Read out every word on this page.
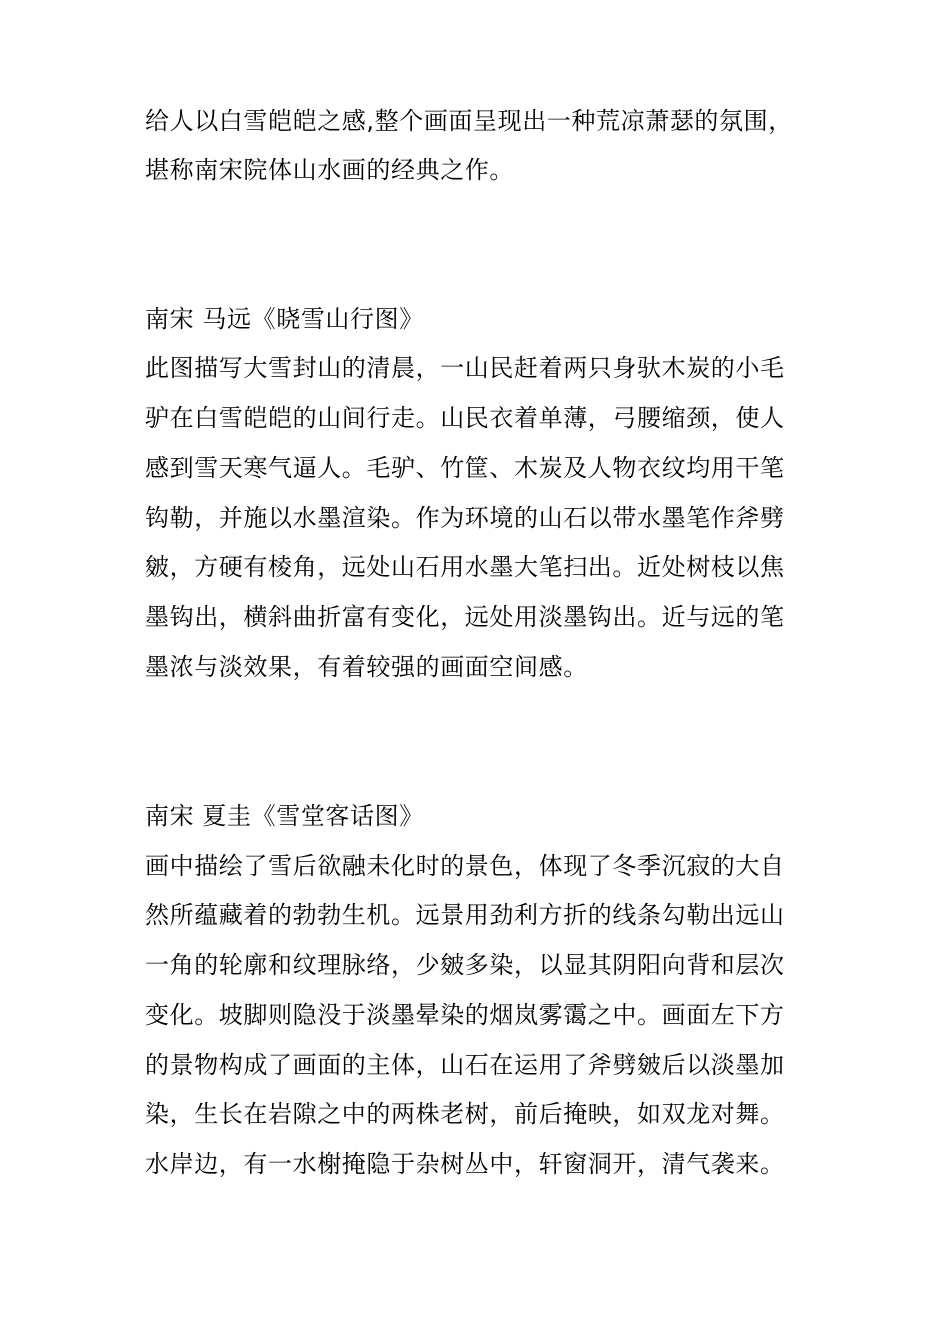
给人以白雪皑皑之感,整个画面呈现出一种荒凉萧瑟的氛围，

堪称南宋院体山水画的经典之作。

南宋 马远《晓雪山行图》

此图描写大雪封山的清晨，一山民赶着两只身驮木炭的小毛

驴在白雪皑皑的山间行走。山民衣着单薄，弓腰缩颈，使人

感到雪天寒气逼人。毛驴、竹筐、木炭及人物衣纹均用干笔

钩勒，并施以水墨渲染。作为环境的山石以带水墨笔作斧劈

皴，方硬有棱角，远处山石用水墨大笔扫出。近处树枝以焦

墨钩出，横斜曲折富有变化，远处用淡墨钩出。近与远的笔

墨浓与淡效果，有着较强的画面空间感。

南宋 夏圭《雪堂客话图》

画中描绘了雪后欲融未化时的景色，体现了冬季沉寂的大自

然所蕴藏着的勃勃生机。远景用劲利方折的线条勾勒出远山

一角的轮廓和纹理脉络，少皴多染，以显其阴阳向背和层次

变化。坡脚则隐没于淡墨晕染的烟岚雾霭之中。画面左下方

的景物构成了画面的主体，山石在运用了斧劈皴后以淡墨加

染，生长在岩隙之中的两株老树，前后掩映，如双龙对舞。

水岸边，有一水榭掩隐于杂树丛中，轩窗洞开，清气袭来。
